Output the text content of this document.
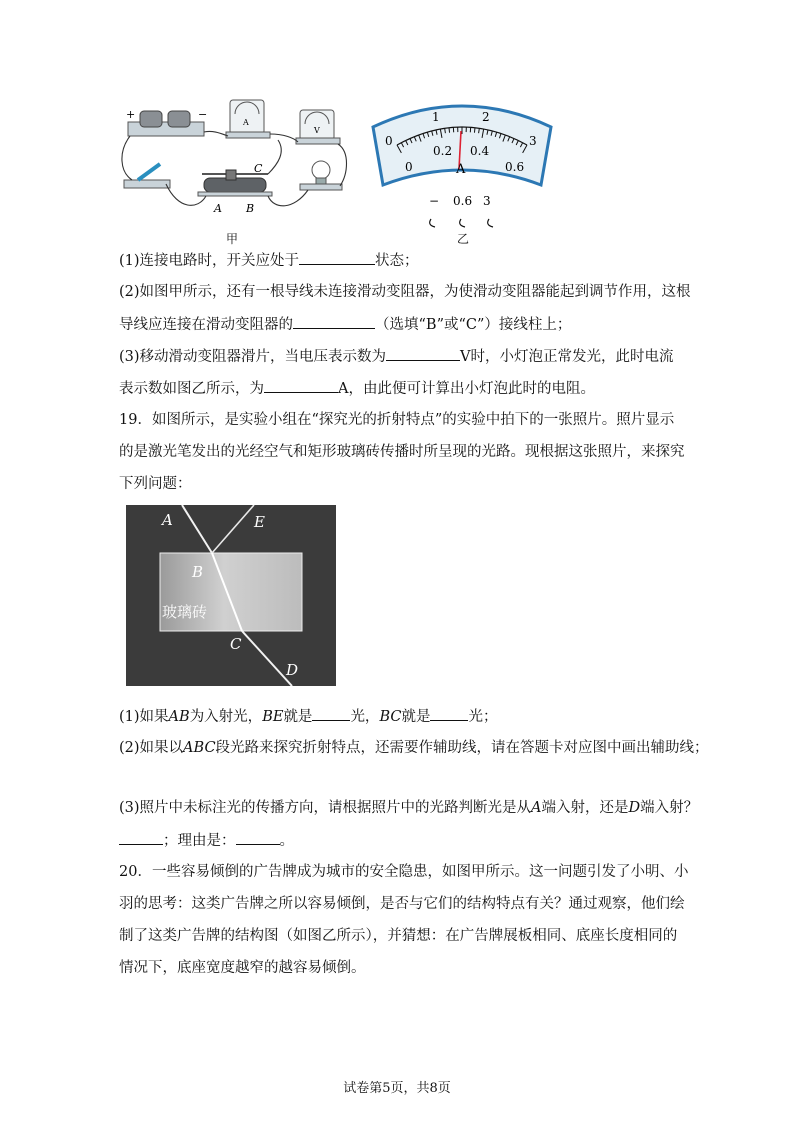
+	−
A
V
C
A B
甲
0
1	2
3
0
0.2 0.4
0.6
A
− 0.6 3
乙
(1)连接电路时，开关应处于	状态；
(2)如图甲所示，还有一根导线未连接滑动变阻器，为使滑动变阻器能起到调节作用，这根
导线应连接在滑动变阻器的	（选填“B”或“C”）接线柱上；
(3)移动滑动变阻器滑片，当电压表示数为	V时，小灯泡正常发光，此时电流
表示数如图乙所示，为	A，由此便可计算出小灯泡此时的电阻。
19．如图所示，是实验小组在“探究光的折射特点”的实验中拍下的一张照片。照片显示
的是激光笔发出的光经空气和矩形玻璃砖传播时所呈现的光路。现根据这张照片，来探究
下列问题：
A	E
B
玻璃砖
C
D
(1)如果AB为入射光，BE就是	光，BC就是	光；
(2)如果以ABC段光路来探究折射特点，还需要作辅助线，请在答题卡对应图中画出辅助线；
(3)照片中未标注光的传播方向，请根据照片中的光路判断光是从A端入射，还是D端入射？
；理由是：	。
20．一些容易倾倒的广告牌成为城市的安全隐患，如图甲所示。这一问题引发了小明、小
羽的思考：这类广告牌之所以容易倾倒，是否与它们的结构特点有关？通过观察，他们绘
制了这类广告牌的结构图（如图乙所示），并猜想：在广告牌展板相同、底座长度相同的
情况下，底座宽度越窄的越容易倾倒。
试卷第5页，共8页
